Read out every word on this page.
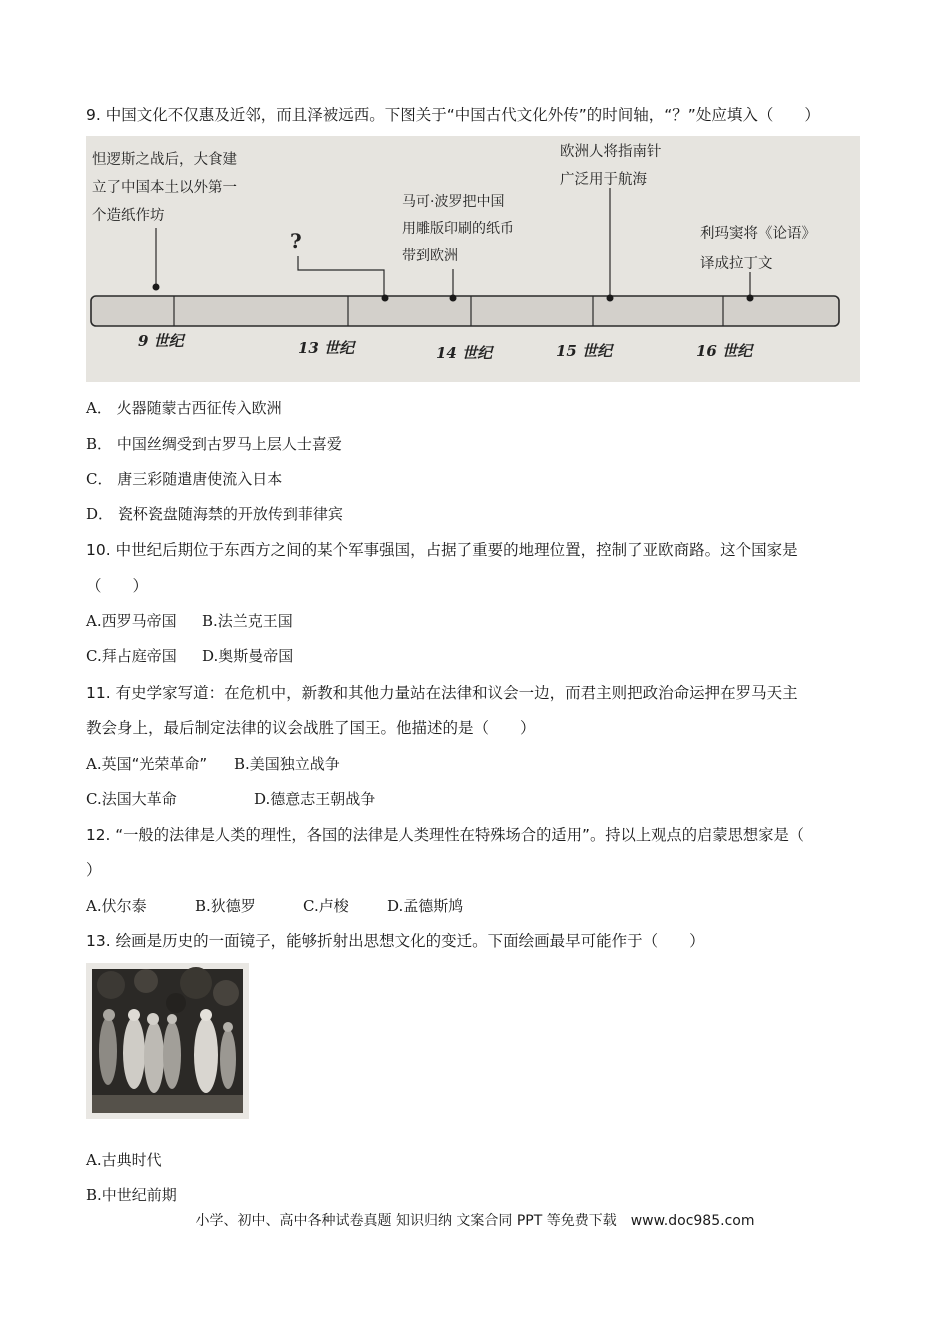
9. 中国文化不仅惠及近邻，而且泽被远西。下图关于“中国古代文化外传”的时间轴，“？”处应填入（　　）
怛逻斯之战后，大食建 立了中国本土以外第一 个造纸作坊
?
马可·波罗把中国 用雕版印刷的纸币 带到欧洲
欧洲人将指南针 广泛用于航海
利玛窦将《论语》 译成拉丁文
9 世纪	13 世纪	14 世纪	15 世纪	16 世纪
A． 火器随蒙古西征传入欧洲
B． 中国丝绸受到古罗马上层人士喜爱
C． 唐三彩随遣唐使流入日本
D． 瓷杯瓷盘随海禁的开放传到菲律宾
10. 中世纪后期位于东西方之间的某个军事强国，占据了重要的地理位置，控制了亚欧商路。这个国家是
（　　）
A.西罗马帝国 B.法兰克王国
C.拜占庭帝国 D.奥斯曼帝国
11. 有史学家写道：在危机中，新教和其他力量站在法律和议会一边，而君主则把政治命运押在罗马天主
教会身上，最后制定法律的议会战胜了国王。他描述的是（　　）
A.英国“光荣革命” B.美国独立战争
C.法国大革命	D.德意志王朝战争
12. “一般的法律是人类的理性，各国的法律是人类理性在特殊场合的适用”。持以上观点的启蒙思想家是（
）
A.伏尔泰	B.狄德罗	C.卢梭	D.孟德斯鸠
13. 绘画是历史的一面镜子，能够折射出思想文化的变迁。下面绘画最早可能作于（　　）
A.古典时代
B.中世纪前期
小学、初中、高中各种试卷真题 知识归纳 文案合同 PPT 等免费下载　www.doc985.com
